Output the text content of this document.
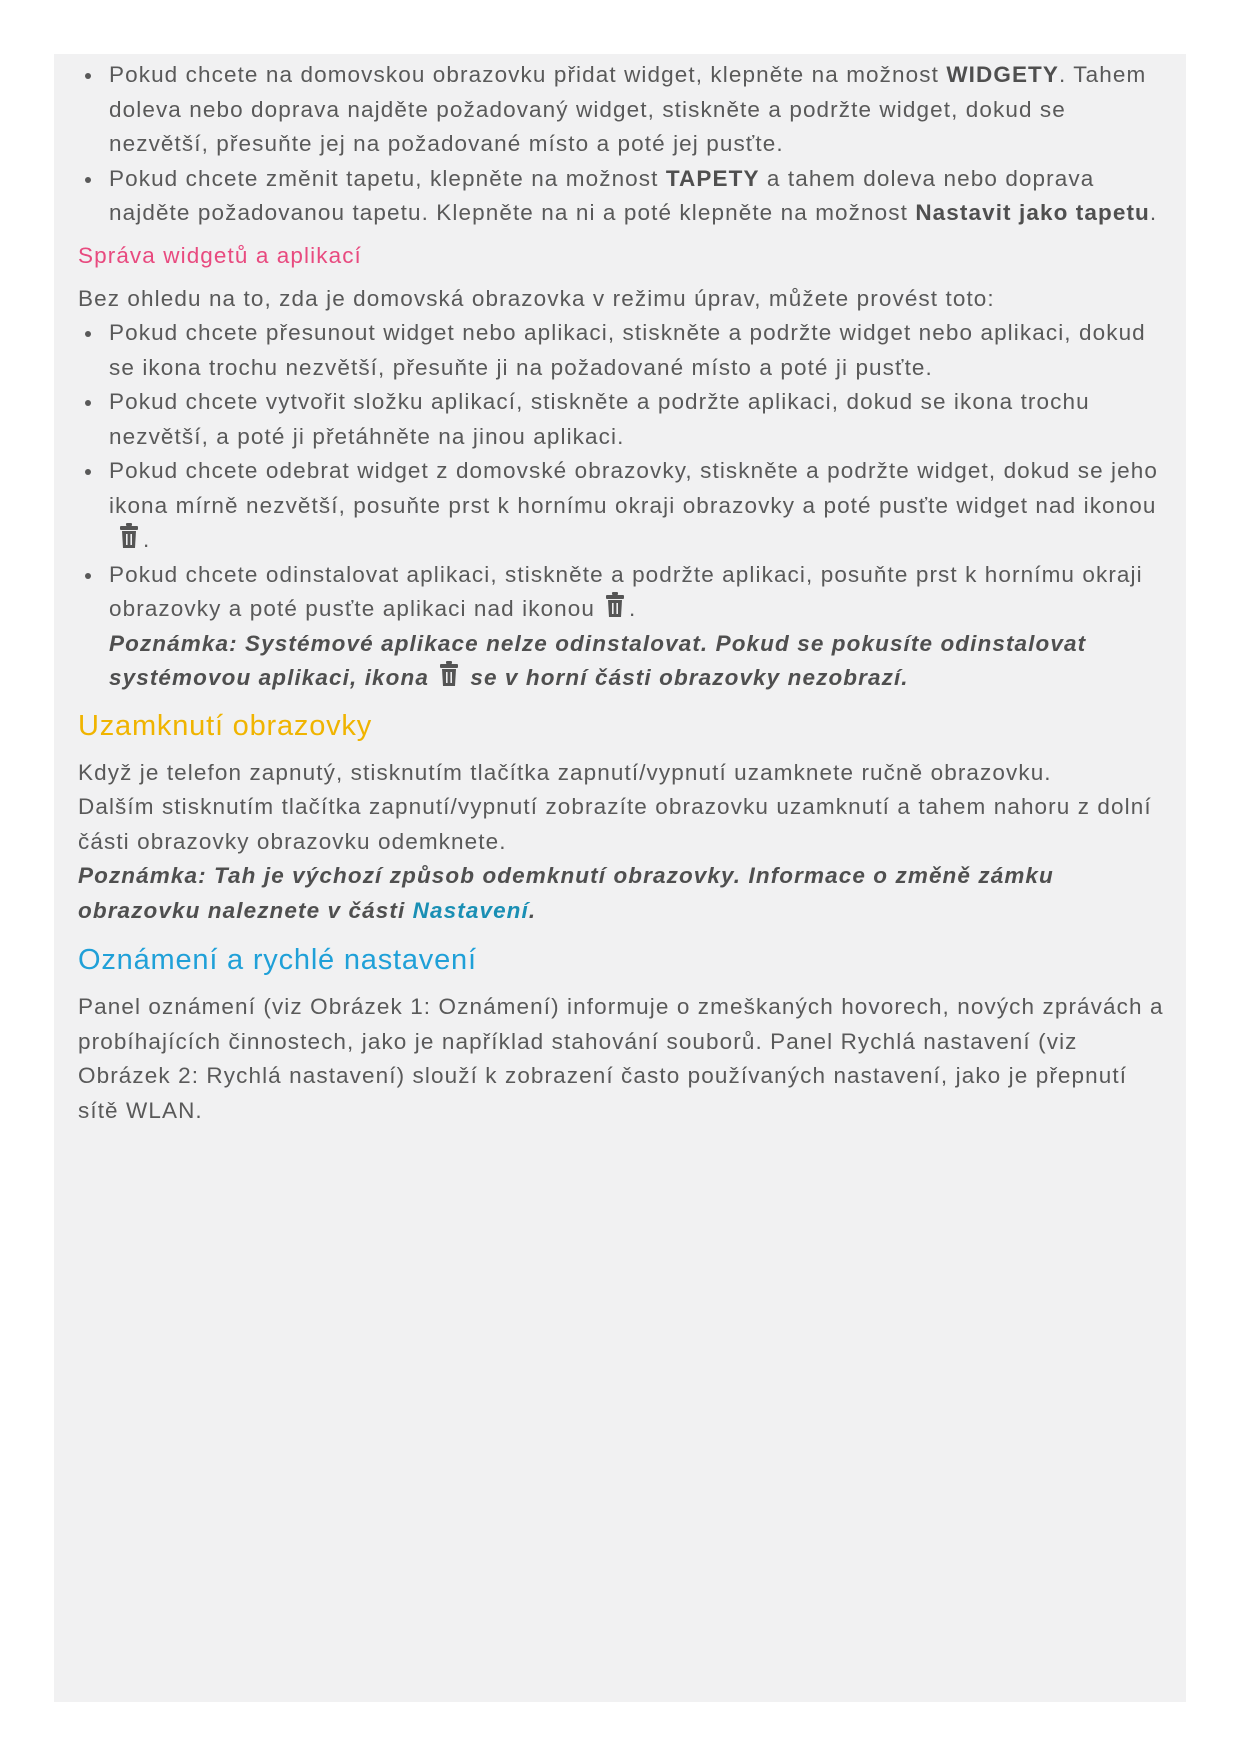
Pokud chcete na domovskou obrazovku přidat widget, klepněte na možnost WIDGETY. Tahem doleva nebo doprava najděte požadovaný widget, stiskněte a podržte widget, dokud se nezvětší, přesuňte jej na požadované místo a poté jej pusťte.
Pokud chcete změnit tapetu, klepněte na možnost TAPETY a tahem doleva nebo doprava najděte požadovanou tapetu. Klepněte na ni a poté klepněte na možnost Nastavit jako tapetu.
Správa widgetů a aplikací

Bez ohledu na to, zda je domovská obrazovka v režimu úprav, můžete provést toto:

Pokud chcete přesunout widget nebo aplikaci, stiskněte a podržte widget nebo aplikaci, dokud se ikona trochu nezvětší, přesuňte ji na požadované místo a poté ji pusťte.
Pokud chcete vytvořit složku aplikací, stiskněte a podržte aplikaci, dokud se ikona trochu nezvětší, a poté ji přetáhněte na jinou aplikaci.
Pokud chcete odebrat widget z domovské obrazovky, stiskněte a podržte widget, dokud se jeho ikona mírně nezvětší, posuňte prst k hornímu okraji obrazovky a poté pusťte widget nad ikonou.
Pokud chcete odinstalovat aplikaci, stiskněte a podržte aplikaci, posuňte prst k hornímu okraji obrazovky a poté pusťte aplikaci nad ikonou .
Poznámka: Systémové aplikace nelze odinstalovat. Pokud se pokusíte odinstalovat systémovou aplikaci, ikona se v horní části obrazovky nezobrazí.
Uzamknutí obrazovky

Když je telefon zapnutý, stisknutím tlačítka zapnutí/vypnutí uzamknete ručně obrazovku.

Dalším stisknutím tlačítka zapnutí/vypnutí zobrazíte obrazovku uzamknutí a tahem nahoru z dolní části obrazovky obrazovku odemknete.

Poznámka: Tah je výchozí způsob odemknutí obrazovky. Informace o změně zámku obrazovku naleznete v části Nastavení.

Oznámení a rychlé nastavení

Panel oznámení (viz Obrázek 1: Oznámení) informuje o zmeškaných hovorech, nových zprávách a probíhajících činnostech, jako je například stahování souborů. Panel Rychlá nastavení (viz Obrázek 2: Rychlá nastavení) slouží k zobrazení často používaných nastavení, jako je přepnutí sítě WLAN.
